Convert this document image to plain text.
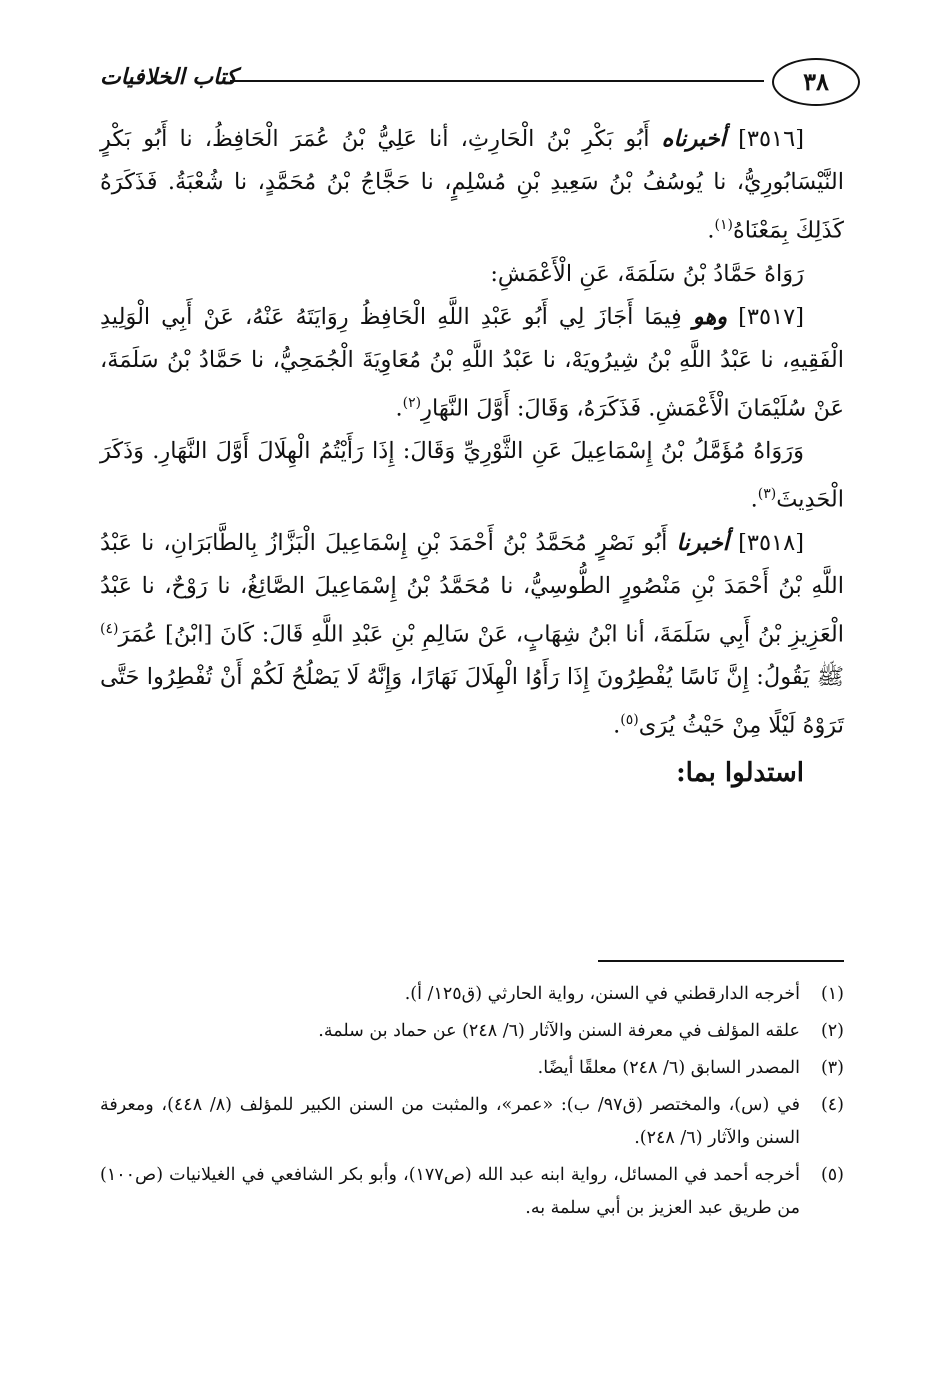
٣٨
كتاب الخلافيات

[٣٥١٦] أخبرناه أَبُو بَكْرِ بْنُ الْحَارِثِ، أنا عَلِيُّ بْنُ عُمَرَ الْحَافِظُ، نا أَبُو بَكْرٍ النَّيْسَابُورِيُّ، نا يُوسُفُ بْنُ سَعِيدِ بْنِ مُسْلِمٍ، نا حَجَّاجُ بْنُ مُحَمَّدٍ، نا شُعْبَةُ. فَذَكَرَهُ كَذَلِكَ بِمَعْنَاهُ$^{(١)}$.

رَوَاهُ حَمَّادُ بْنُ سَلَمَةَ، عَنِ الْأَعْمَشِ:

[٣٥١٧] وهو فِيمَا أَجَازَ لِي أَبُو عَبْدِ اللَّهِ الْحَافِظُ رِوَايَتَهُ عَنْهُ، عَنْ أَبِي الْوَلِيدِ الْفَقِيهِ، نا عَبْدُ اللَّهِ بْنُ شِيرُويَهْ، نا عَبْدُ اللَّهِ بْنُ مُعَاوِيَةَ الْجُمَحِيُّ، نا حَمَّادُ بْنُ سَلَمَةَ، عَنْ سُلَيْمَانَ الْأَعْمَشِ. فَذَكَرَهُ، وَقَالَ: أَوَّلَ النَّهَارِ$^{(٢)}$.

وَرَوَاهُ مُؤَمَّلُ بْنُ إِسْمَاعِيلَ عَنِ الثَّوْرِيِّ وَقَالَ: إِذَا رَأَيْتُمُ الْهِلَالَ أَوَّلَ النَّهَارِ. وَذَكَرَ الْحَدِيثَ$^{(٣)}$.

[٣٥١٨] أخبرنا أَبُو نَصْرٍ مُحَمَّدُ بْنُ أَحْمَدَ بْنِ إِسْمَاعِيلَ الْبَزَّازُ بِالطَّابَرَانِ، نا عَبْدُ اللَّهِ بْنُ أَحْمَدَ بْنِ مَنْصُورٍ الطُّوسِيُّ، نا مُحَمَّدُ بْنُ إِسْمَاعِيلَ الصَّائِغُ، نا رَوْحٌ، نا عَبْدُ الْعَزِيزِ بْنُ أَبِي سَلَمَةَ، أنا ابْنُ شِهَابٍ، عَنْ سَالِمِ بْنِ عَبْدِ اللَّهِ قَالَ: كَانَ [ابْنُ] عُمَرَ$^{(٤)}$ ﷺ يَقُولُ: إِنَّ نَاسًا يُفْطِرُونَ إِذَا رَأَوُا الْهِلَالَ نَهَارًا، وَإِنَّهُ لَا يَصْلُحُ لَكُمْ أَنْ تُفْطِرُوا حَتَّى تَرَوْهُ لَيْلًا مِنْ حَيْثُ يُرَى$^{(٥)}$.

استدلوا بما:

(١)
أخرجه الدارقطني في السنن، رواية الحارثي (ق١٢٥/ أ).
(٢)
علقه المؤلف في معرفة السنن والآثار (٦/ ٢٤٨) عن حماد بن سلمة.
(٣)
المصدر السابق (٦/ ٢٤٨) معلقًا أيضًا.
(٤)
في (س)، والمختصر (ق٩٧/ ب): «عمر»، والمثبت من السنن الكبير للمؤلف (٨/ ٤٤٨)، ومعرفة السنن والآثار (٦/ ٢٤٨).
(٥)
أخرجه أحمد في المسائل، رواية ابنه عبد الله (ص١٧٧)، وأبو بكر الشافعي في الغيلانيات (ص١٠٠) من طريق عبد العزيز بن أبي سلمة به.
